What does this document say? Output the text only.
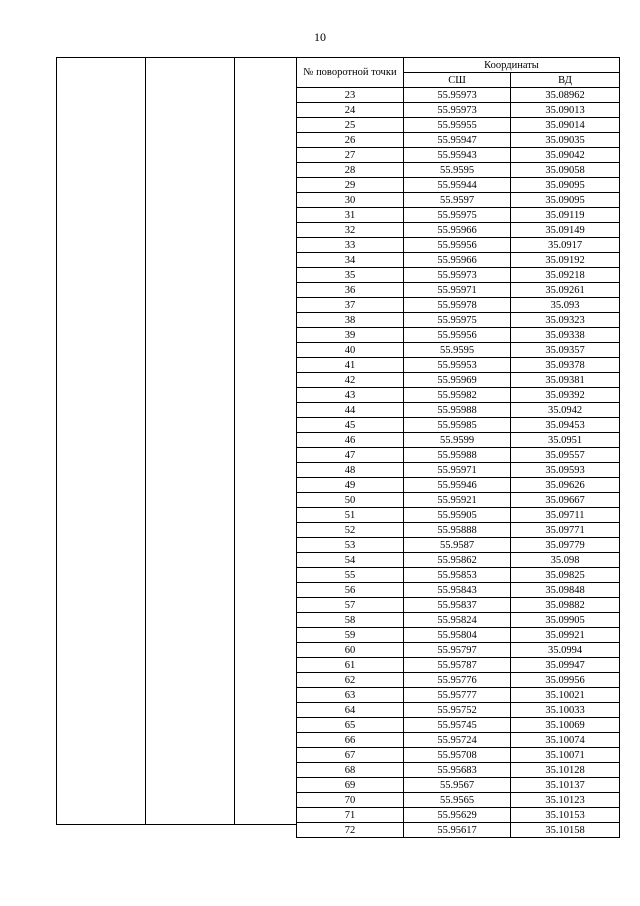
10
№ поворотной точки	Координаты	
	СШ	ВД
23	55.95973	35.08962
24	55.95973	35.09013
25	55.95955	35.09014
26	55.95947	35.09035
27	55.95943	35.09042
28	55.9595	35.09058
29	55.95944	35.09095
30	55.9597	35.09095
31	55.95975	35.09119
32	55.95966	35.09149
33	55.95956	35.0917
34	55.95966	35.09192
35	55.95973	35.09218
36	55.95971	35.09261
37	55.95978	35.093
38	55.95975	35.09323
39	55.95956	35.09338
40	55.9595	35.09357
41	55.95953	35.09378
42	55.95969	35.09381
43	55.95982	35.09392
44	55.95988	35.0942
45	55.95985	35.09453
46	55.9599	35.0951
47	55.95988	35.09557
48	55.95971	35.09593
49	55.95946	35.09626
50	55.95921	35.09667
51	55.95905	35.09711
52	55.95888	35.09771
53	55.9587	35.09779
54	55.95862	35.098
55	55.95853	35.09825
56	55.95843	35.09848
57	55.95837	35.09882
58	55.95824	35.09905
59	55.95804	35.09921
60	55.95797	35.0994
61	55.95787	35.09947
62	55.95776	35.09956
63	55.95777	35.10021
64	55.95752	35.10033
65	55.95745	35.10069
66	55.95724	35.10074
67	55.95708	35.10071
68	55.95683	35.10128
69	55.9567	35.10137
70	55.9565	35.10123
71	55.95629	35.10153
72	55.95617	35.10158
